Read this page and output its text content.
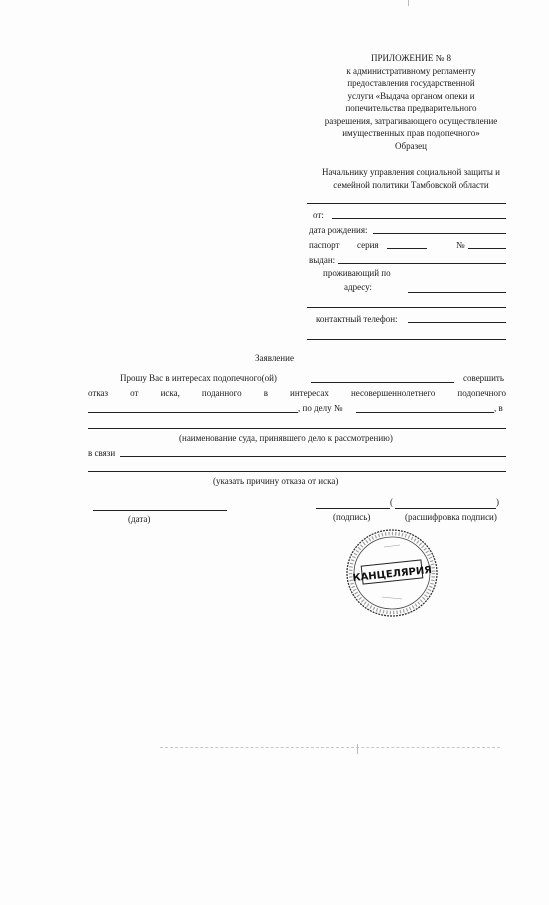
ПРИЛОЖЕНИЕ № 8
к административному регламенту
предоставления государственной
услуги «Выдача органом опеки и
попечительства предварительного
разрешения, затрагивающего осуществление
имущественных прав подопечного»
Образец
Начальнику управления социальной защиты и
семейной политики Тамбовской области
от:
дата рождения:
паспорт серия	№
выдан:
проживающий по
адресу:
контактный телефон:
Заявление
Прошу Вас в интересах подопечного(ой)	совершить
отказ от иска, поданного в интересах несовершеннолетнего подопечного
, по делу №	, в
(наименование суда, принявшего дело к рассмотрению)
в связи
(указать причину отказа от иска)
(дата)
(	)
(подпись)	(расшифровка подписи)
КАНЦЕЛЯРИЯ
